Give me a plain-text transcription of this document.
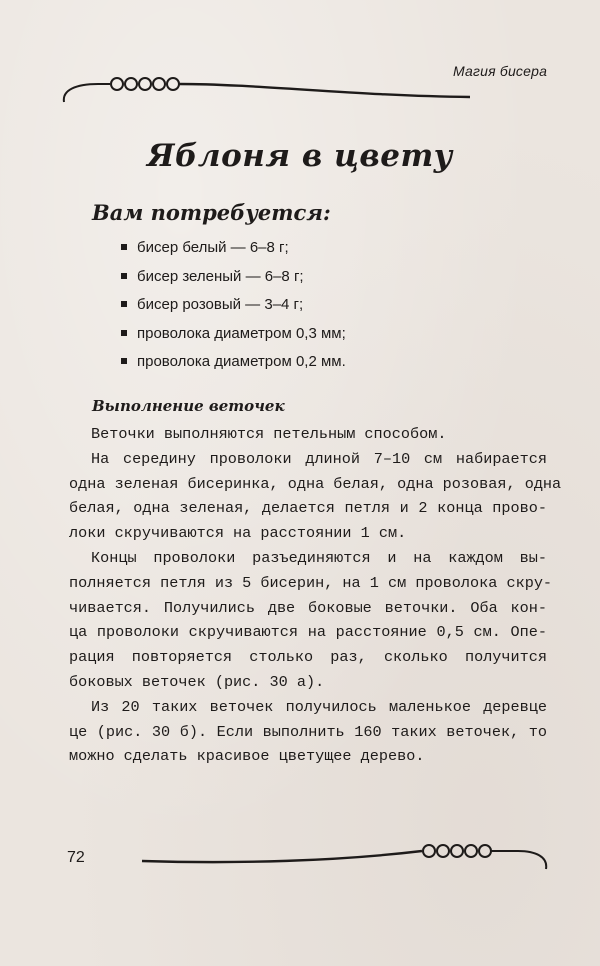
Магия бисера
Яблоня в цвету
Вам потребуется:
бисер белый — 6–8 г;
бисер зеленый — 6–8 г;
бисер розовый — 3–4 г;
проволока диаметром 0,3 мм;
проволока диаметром 0,2 мм.
Выполнение веточек
Веточки выполняются петельным способом.
На середину проволоки длиной 7–10 см набирается
одна зеленая бисеринка, одна белая, одна розовая, одна
белая, одна зеленая, делается петля и 2 конца прово-
локи скручиваются на расстоянии 1 см.
Концы проволоки разъединяются и на каждом вы-
полняется петля из 5 бисерин, на 1 см проволока скру-
чивается. Получились две боковые веточки. Оба кон-
ца проволоки скручиваются на расстояние 0,5 см. Опе-
рация повторяется столько раз, сколько получится
боковых веточек (рис. 30 а).
Из 20 таких веточек получилось маленькое деревце
це (рис. 30 б). Если выполнить 160 таких веточек, то
можно сделать красивое цветущее дерево.
72
